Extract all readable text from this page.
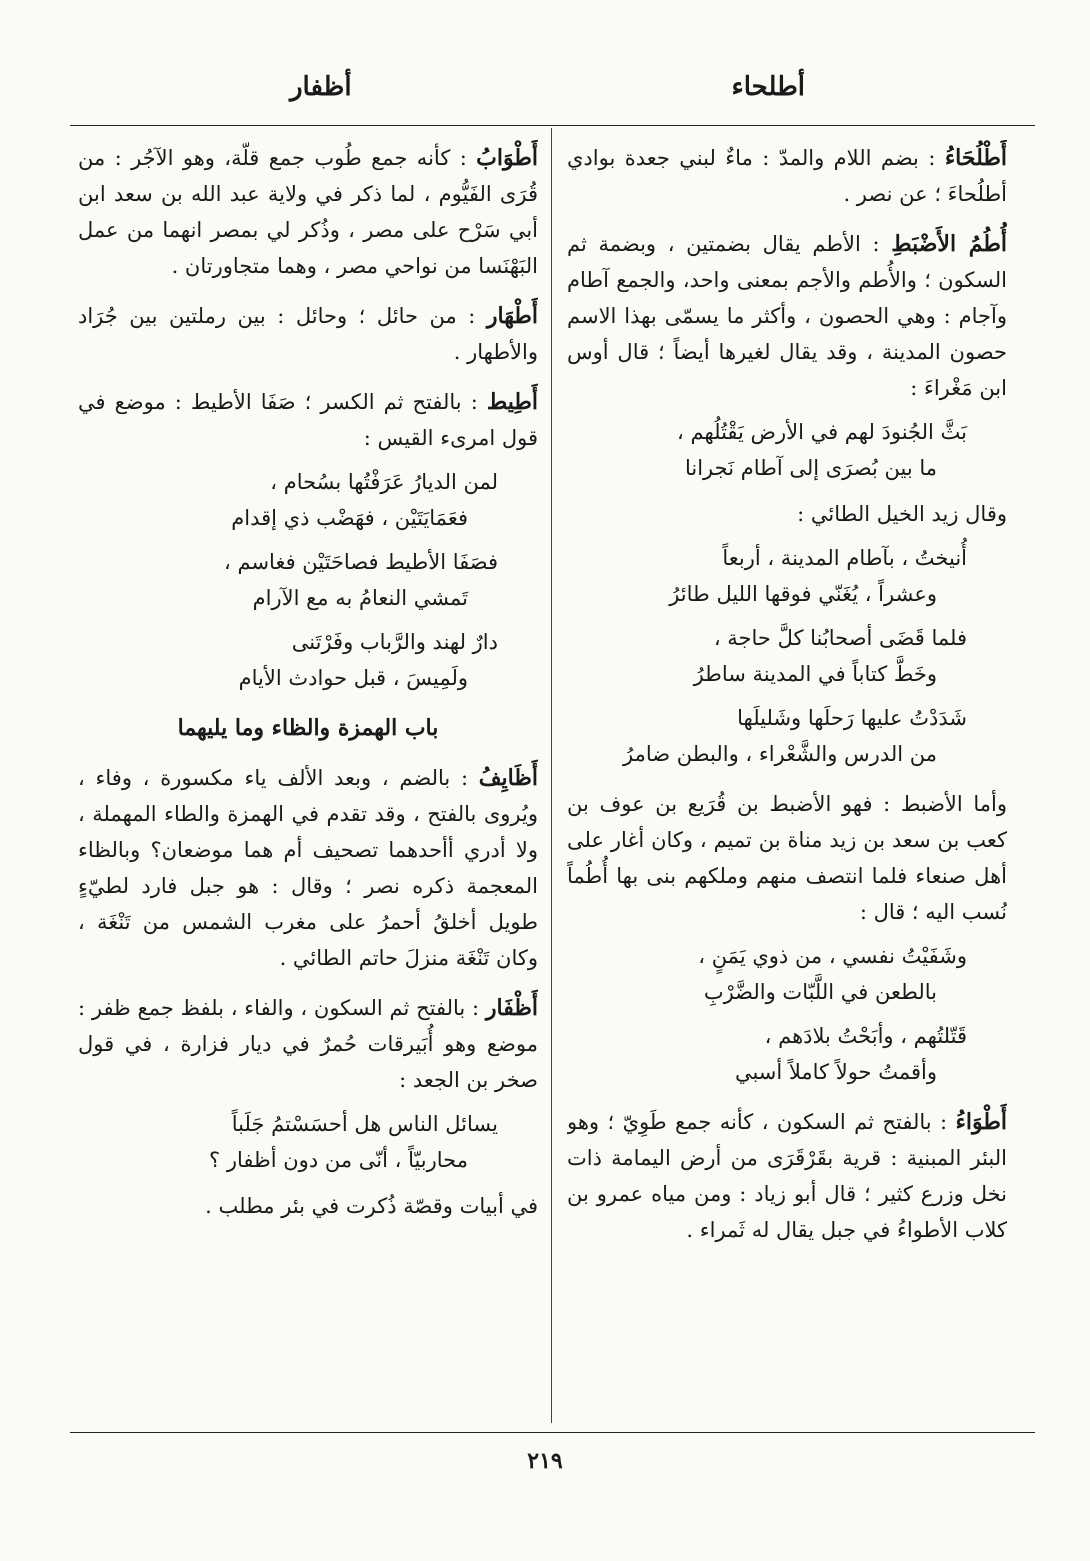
أطلحاء
أظفار
أَطْلُحَاءُ : بضم اللام والمدّ : ماءٌ لبني جعدة بوادي أطلُحاءَ ؛ عن نصر .
أُطُمُ الأَضْبَطِ : الأطم يقال بضمتين ، وبضمة ثم السكون ؛ والأُطم والأجم بمعنى واحد، والجمع آطام وآجام : وهي الحصون ، وأكثر ما يسمّى بهذا الاسم حصون المدينة ، وقد يقال لغيرها أيضاً ؛ قال أوس ابن مَغْراءَ :
بَثَّ الجُنودَ لهم في الأرض يَقْتُلُهم ،
ما بين بُصرَى إلى آطام نَجرانا
وقال زيد الخيل الطائي :
أُنيختُ ، بآطام المدينة ، أربعاً
وعشراً ، يُغَنّي فوقها الليل طائرُ
فلما قَضَى أصحابُنا كلَّ حاجة ،
وخَطَّ كتاباً في المدينة ساطرُ
شَدَدْتُ عليها رَحلَها وشَليلَها
من الدرس والشَّعْراء ، والبطن ضامرُ
وأما الأضبط : فهو الأضبط بن قُرَيع بن عوف بن كعب بن سعد بن زيد مناة بن تميم ، وكان أغار على أهل صنعاء فلما انتصف منهم وملكهم بنى بها أُطُماً نُسب اليه ؛ قال :
وشَفَيْتُ نفسي ، من ذوي يَمَنٍ ،
بالطعن في اللَّبّات والضَّرْبِ
قَتّلتُهم ، وأبَحْتُ بلادَهم ،
وأقمتُ حولاً كاملاً أسبي
أَطْوَاءُ : بالفتح ثم السكون ، كأنه جمع طَوِيّ ؛ وهو البئر المبنية : قرية بقَرْقَرَى من أرض اليمامة ذات نخل وزرع كثير ؛ قال أبو زياد : ومن مياه عمرو بن كلاب الأطواءُ في جبل يقال له ثَمراء .
أَطْوَابُ : كأنه جمع طُوب جمع قلّة، وهو الآجُر : من قُرَى الفَيُّوم ، لما ذكر في ولاية عبد الله بن سعد ابن أبي سَرْح على مصر ، وذُكر لي بمصر انهما من عمل البَهْنَسا من نواحي مصر ، وهما متجاورتان .
أَطْهَار : من حائل ؛ وحائل : بين رملتين بين جُرَاد والأطهار .
أَطِيط : بالفتح ثم الكسر ؛ صَفَا الأطيط : موضع في قول امرىء القيس :
لمن الديارُ عَرَفْتُها بسُحام ،
فعَمَايَتَيْن ، فهَضْب ذي إقدام
فصَفَا الأطيط فصاحَتَيْن فغاسم ،
تَمشي النعامُ به مع الآرام
دارٌ لهند والرَّباب وفَرْتَنى
ولَمِيسَ ، قبل حوادث الأيام
باب الهمزة والظاء وما يليهما
أَظَايِفُ : بالضم ، وبعد الألف ياء مكسورة ، وفاء ، ويُروى بالفتح ، وقد تقدم في الهمزة والطاء المهملة ، ولا أدري أأحدهما تصحيف أم هما موضعان؟ وبالظاء المعجمة ذكره نصر ؛ وقال : هو جبل فارد لطيّءٍ طويل أخلقُ أحمرُ على مغرب الشمس من تَنْغَة ، وكان تَنْغَة منزلَ حاتم الطائي .
أَظْفَار : بالفتح ثم السكون ، والفاء ، بلفظ جمع ظفر : موضع وهو أُبَيرقات حُمرٌ في ديار فزارة ، في قول صخر بن الجعد :
يسائل الناس هل أحسَسْتمُ جَلَباً
محاربيّاً ، أنّى من دون أظفار ؟
في أبيات وقصّة ذُكرت في بئر مطلب .
٢١٩
